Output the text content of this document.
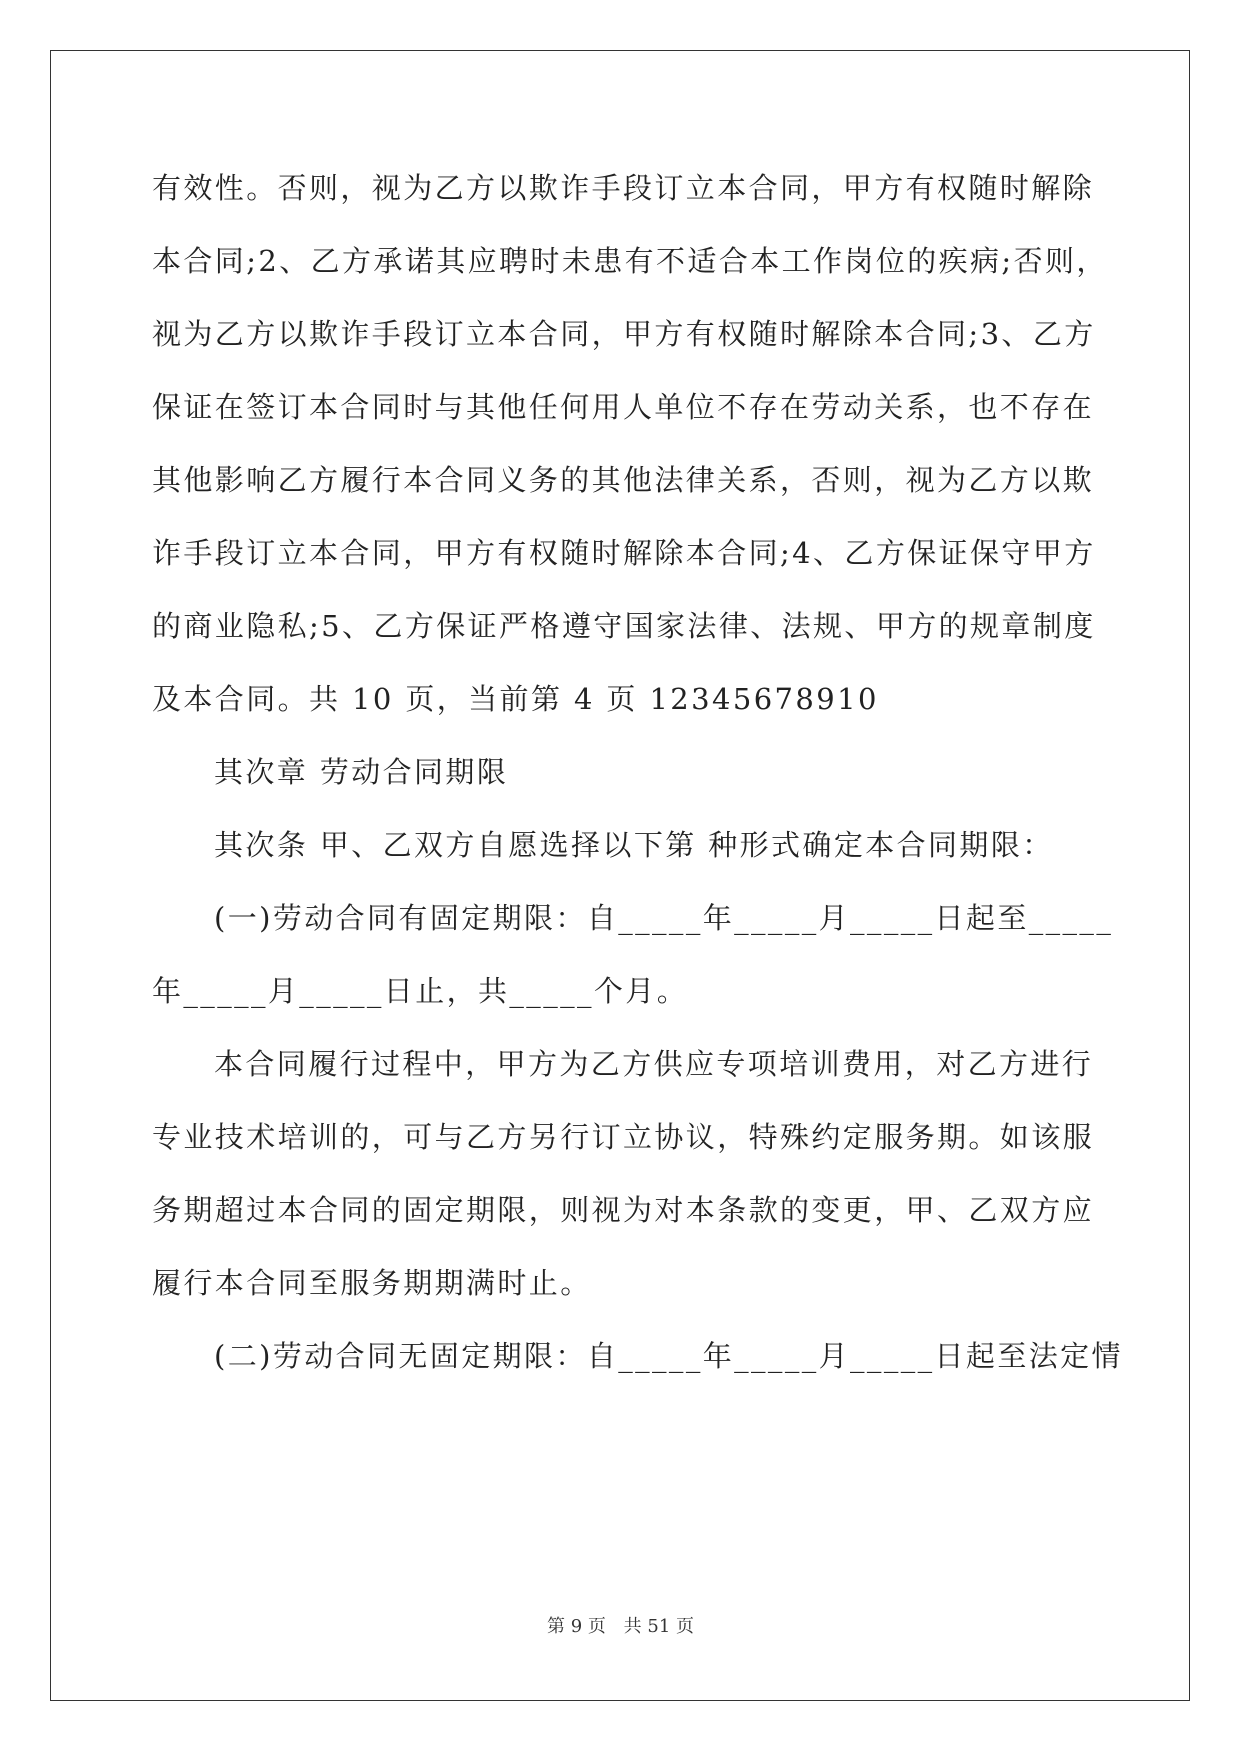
有效性。否则，视为乙方以欺诈手段订立本合同，甲方有权随时解除
本合同;2、乙方承诺其应聘时未患有不适合本工作岗位的疾病;否则，
视为乙方以欺诈手段订立本合同，甲方有权随时解除本合同;3、乙方
保证在签订本合同时与其他任何用人单位不存在劳动关系，也不存在
其他影响乙方履行本合同义务的其他法律关系，否则，视为乙方以欺
诈手段订立本合同，甲方有权随时解除本合同;4、乙方保证保守甲方
的商业隐私;5、乙方保证严格遵守国家法律、法规、甲方的规章制度
及本合同。共 10 页，当前第 4 页 12345678910
其次章 劳动合同期限
其次条 甲、乙双方自愿选择以下第 种形式确定本合同期限：
(一)劳动合同有固定期限：自_____年_____月_____日起至_____
年_____月_____日止，共_____个月。
本合同履行过程中，甲方为乙方供应专项培训费用，对乙方进行
专业技术培训的，可与乙方另行订立协议，特殊约定服务期。如该服
务期超过本合同的固定期限，则视为对本条款的变更，甲、乙双方应
履行本合同至服务期期满时止。
(二)劳动合同无固定期限：自_____年_____月_____日起至法定情
第 9 页 共 51 页
